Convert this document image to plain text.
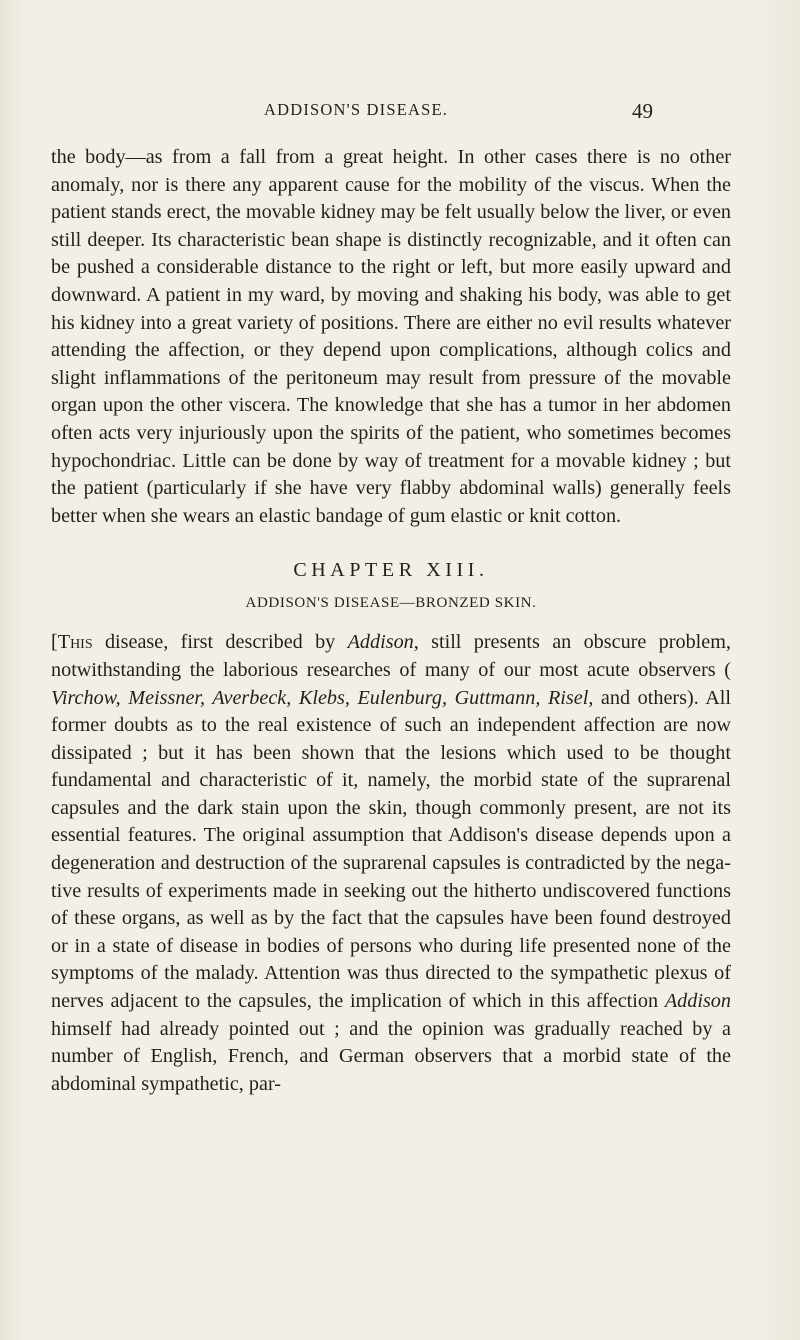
ADDISON'S DISEASE.	49

the body—as from a fall from a great height. In other cases there is no other anomaly, nor is there any apparent cause for the mobility of the viscus. When the patient stands erect, the movable kidney may be felt usually below the liver, or even still deeper. Its characteristic bean shape is distinctly recognizable, and it often can be pushed a considerable distance to the right or left, but more easily upward and downward. A patient in my ward, by moving and shaking his body, was able to get his kidney into a great variety of positions. There are either no evil results whatever attending the affection, or they depend upon complications, although colics and slight inflammations of the peritoneum may result from pressure of the movable organ upon the other viscera. The knowledge that she has a tumor in her abdomen often acts very injuriously upon the spirits of the patient, who sometimes becomes hypochondriac. Little can be done by way of treatment for a movable kidney ; but the patient (particularly if she have very flabby abdominal walls) generally feels better when she wears an elastic bandage of gum elastic or knit cotton.

CHAPTER XIII.
ADDISON'S DISEASE—BRONZED SKIN.

[This disease, first described by Addison, still presents an obscure problem, notwithstanding the laborious researches of many of our most acute observers ( Virchow, Meissner, Averbeck, Klebs, Eulenburg, Guttmann, Risel, and others). All former doubts as to the real existence of such an independent affection are now dissipated ; but it has been shown that the lesions which used to be thought fundamental and characteristic of it, namely, the morbid state of the suprarenal capsules and the dark stain upon the skin, though commonly present, are not its essential features. The original assumption that Addison's disease depends upon a degeneration and destruction of the suprarenal capsules is contradicted by the negative results of experiments made in seeking out the hitherto undiscovered functions of these organs, as well as by the fact that the capsules have been found destroyed or in a state of disease in bodies of persons who during life presented none of the symptoms of the malady. Attention was thus directed to the sympathetic plexus of nerves adjacent to the capsules, the implication of which in this affection Addison himself had already pointed out ; and the opinion was gradually reached by a number of English, French, and German observers that a morbid state of the abdominal sympathetic, par-
